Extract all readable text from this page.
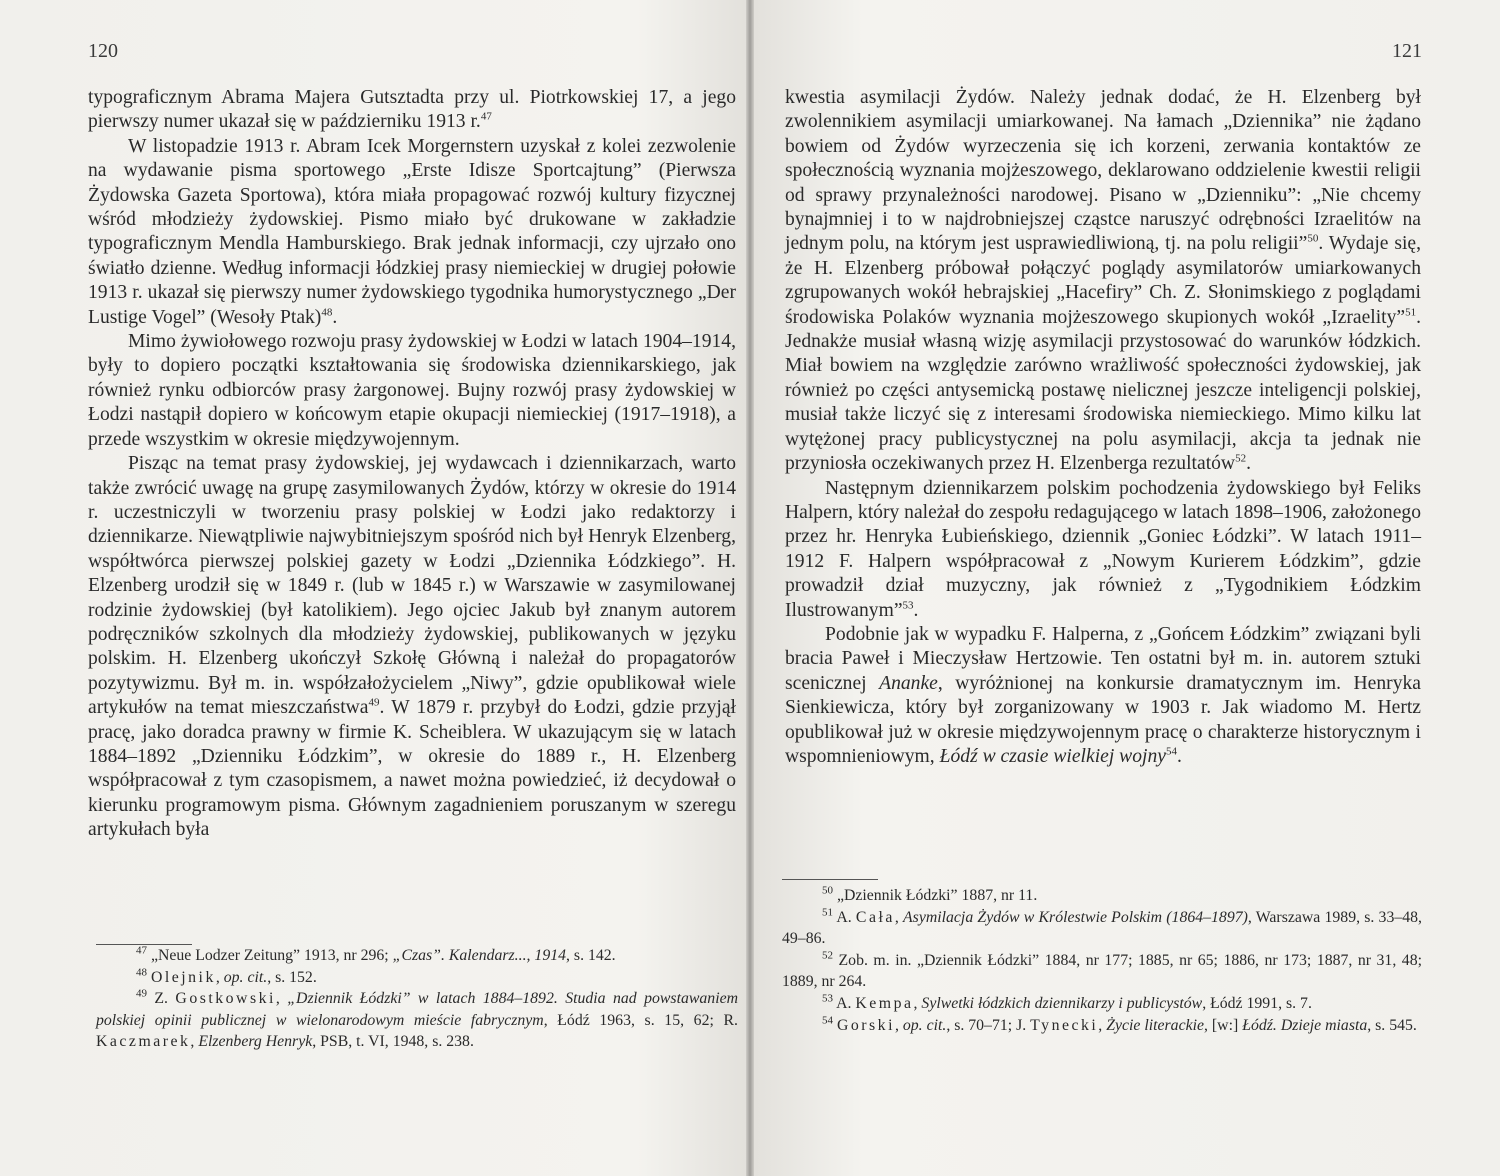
120

typograficznym Abrama Majera Gutsztadta przy ul. Piotrkowskiej 17, a jego pierwszy numer ukazał się w październiku 1913 r.$^{47}$

W listopadzie 1913 r. Abram Icek Morgernstern uzyskał z kolei zezwolenie na wydawanie pisma sportowego „Erste Idisze Sportcajtung” (Pierwsza Żydowska Gazeta Sportowa), która miała propagować rozwój kultury fizycznej wśród młodzieży żydowskiej. Pismo miało być drukowane w zakładzie typograficznym Mendla Hamburskiego. Brak jednak informacji, czy ujrzało ono światło dzienne. Według informacji łódzkiej prasy niemieckiej w drugiej połowie 1913 r. ukazał się pierwszy numer żydowskiego tygodnika humorystycznego „Der Lustige Vogel” (Wesoły Ptak)$^{48}$.

Mimo żywiołowego rozwoju prasy żydowskiej w Łodzi w latach 1904–1914, były to dopiero początki kształtowania się środowiska dziennikarskiego, jak również rynku odbiorców prasy żargonowej. Bujny rozwój prasy żydowskiej w Łodzi nastąpił dopiero w końcowym etapie okupacji niemieckiej (1917–1918), a przede wszystkim w okresie międzywojennym.

Pisząc na temat prasy żydowskiej, jej wydawcach i dziennikarzach, warto także zwrócić uwagę na grupę zasymilowanych Żydów, którzy w okresie do 1914 r. uczestniczyli w tworzeniu prasy polskiej w Łodzi jako redaktorzy i dziennikarze. Niewątpliwie najwybitniejszym spośród nich był Henryk Elzenberg, współtwórca pierwszej polskiej gazety w Łodzi „Dziennika Łódzkiego”. H. Elzenberg urodził się w 1849 r. (lub w 1845 r.) w Warszawie w zasymilowanej rodzinie żydowskiej (był katolikiem). Jego ojciec Jakub był znanym autorem podręczników szkolnych dla młodzieży żydowskiej, publikowanych w języku polskim. H. Elzenberg ukończył Szkołę Główną i należał do propagatorów pozytywizmu. Był m. in. współzałożycielem „Niwy”, gdzie opublikował wiele artykułów na temat mieszczaństwa$^{49}$. W 1879 r. przybył do Łodzi, gdzie przyjął pracę, jako doradca prawny w firmie K. Scheiblera. W ukazującym się w latach 1884–1892 „Dzienniku Łódzkim”, w okresie do 1889 r., H. Elzenberg współpracował z tym czasopismem, a nawet można powiedzieć, iż decydował o kierunku programowym pisma. Głównym zagadnieniem poruszanym w szeregu artykułach była

$^{47}$ „Neue Lodzer Zeitung” 1913, nr 296; „Czas”. Kalendarz..., 1914, s. 142.

$^{48}$ Olejnik, op. cit., s. 152.

$^{49}$ Z. Gostkowski, „Dziennik Łódzki” w latach 1884–1892. Studia nad powstawaniem polskiej opinii publicznej w wielonarodowym mieście fabrycznym, Łódź 1963, s. 15, 62; R. Kaczmarek, Elzenberg Henryk, PSB, t. VI, 1948, s. 238.

121

kwestia asymilacji Żydów. Należy jednak dodać, że H. Elzenberg był zwolennikiem asymilacji umiarkowanej. Na łamach „Dziennika” nie żądano bowiem od Żydów wyrzeczenia się ich korzeni, zerwania kontaktów ze społecznością wyznania mojżeszowego, deklarowano oddzielenie kwestii religii od sprawy przynależności narodowej. Pisano w „Dzienniku”: „Nie chcemy bynajmniej i to w najdrobniejszej cząstce naruszyć odrębności Izraelitów na jednym polu, na którym jest usprawiedliwioną, tj. na polu religii”$^{50}$. Wydaje się, że H. Elzenberg próbował połączyć poglądy asymilatorów umiarkowanych zgrupowanych wokół hebrajskiej „Hacefiry” Ch. Z. Słonimskiego z poglądami środowiska Polaków wyznania mojżeszowego skupionych wokół „Izraelity”$^{51}$. Jednakże musiał własną wizję asymilacji przystosować do warunków łódzkich. Miał bowiem na względzie zarówno wrażliwość społeczności żydowskiej, jak również po części antysemicką postawę nielicznej jeszcze inteligencji polskiej, musiał także liczyć się z interesami środowiska niemieckiego. Mimo kilku lat wytężonej pracy publicystycznej na polu asymilacji, akcja ta jednak nie przyniosła oczekiwanych przez H. Elzenberga rezultatów$^{52}$.

Następnym dziennikarzem polskim pochodzenia żydowskiego był Feliks Halpern, który należał do zespołu redagującego w latach 1898–1906, założonego przez hr. Henryka Łubieńskiego, dziennik „Goniec Łódzki”. W latach 1911–1912 F. Halpern współpracował z „Nowym Kurierem Łódzkim”, gdzie prowadził dział muzyczny, jak również z „Tygodnikiem Łódzkim Ilustrowanym”$^{53}$.

Podobnie jak w wypadku F. Halperna, z „Gońcem Łódzkim” związani byli bracia Paweł i Mieczysław Hertzowie. Ten ostatni był m. in. autorem sztuki scenicznej Ananke, wyróżnionej na konkursie dramatycznym im. Henryka Sienkiewicza, który był zorganizowany w 1903 r. Jak wiadomo M. Hertz opublikował już w okresie międzywojennym pracę o charakterze historycznym i wspomnieniowym, Łódź w czasie wielkiej wojny$^{54}$.

$^{50}$ „Dziennik Łódzki” 1887, nr 11.

$^{51}$ A. Cała, Asymilacja Żydów w Królestwie Polskim (1864–1897), Warszawa 1989, s. 33–48, 49–86.

$^{52}$ Zob. m. in. „Dziennik Łódzki” 1884, nr 177; 1885, nr 65; 1886, nr 173; 1887, nr 31, 48; 1889, nr 264.

$^{53}$ A. Kempa, Sylwetki łódzkich dziennikarzy i publicystów, Łódź 1991, s. 7.

$^{54}$ Gorski, op. cit., s. 70–71; J. Tynecki, Życie literackie, [w:] Łódź. Dzieje miasta, s. 545.
